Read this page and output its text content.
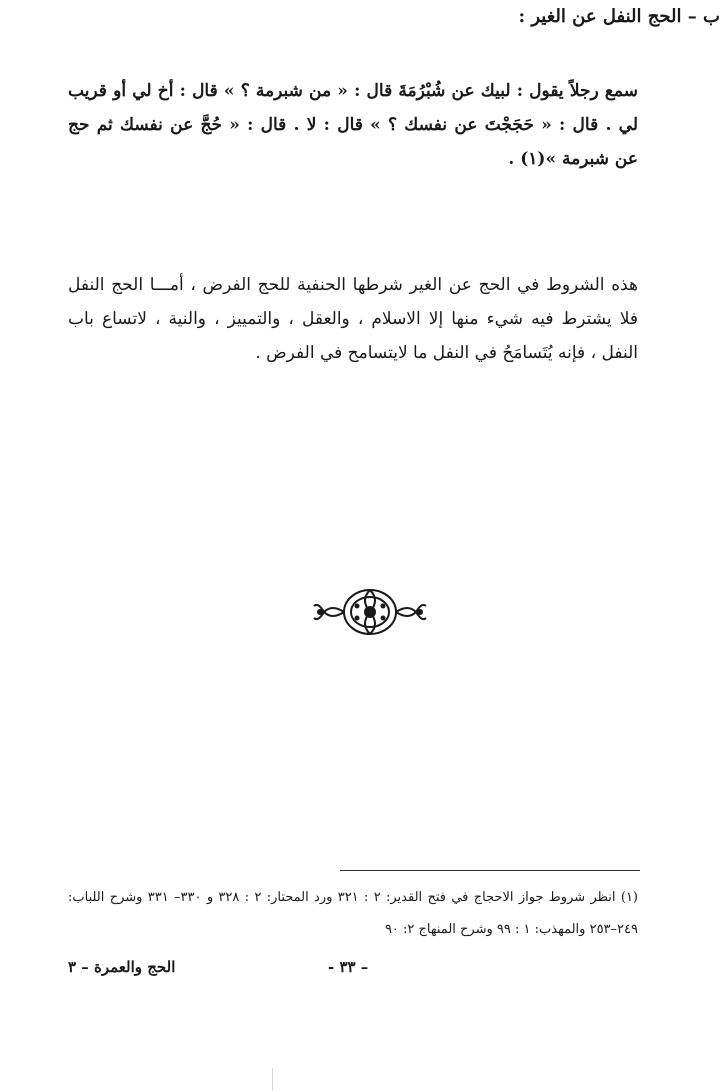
سمع رجلاً يقول : لبيك عن شُبْرُمَةَ قال : « من شبرمة ؟ » قال : أخ لي أو قريب لي . قال : « حَجَجْتَ عن نفسك ؟ » قال : لا . قال : « حُجَّ عن نفسك ثم حج عن شبرمة »(١) .

ب – الحج النفل عن الغير :

هذه الشروط في الحج عن الغير شرطها الحنفية للحج الفرض ، أمـــا الحج النفل فلا يشترط فيه شيء منها إلا الاسلام ، والعقل ، والتمييز ، والنية ، لاتساع باب النفل ، فإنه يُتَسامَحُ في النفل ما لايتسامح في الفرض .

(١) انظر شروط جواز الاحجاج في فتح القدير: ٢ : ٣٢١ ورد المحتار: ٢ : ٣٢٨ و ٣٣٠– ٣٣١ وشرح اللباب: ٢٤٩–٢٥٣ والمهذب: ١ : ٩٩ وشرح المنهاج ٢: ٩٠

– ٣٣ -
الحج والعمرة – ٣
